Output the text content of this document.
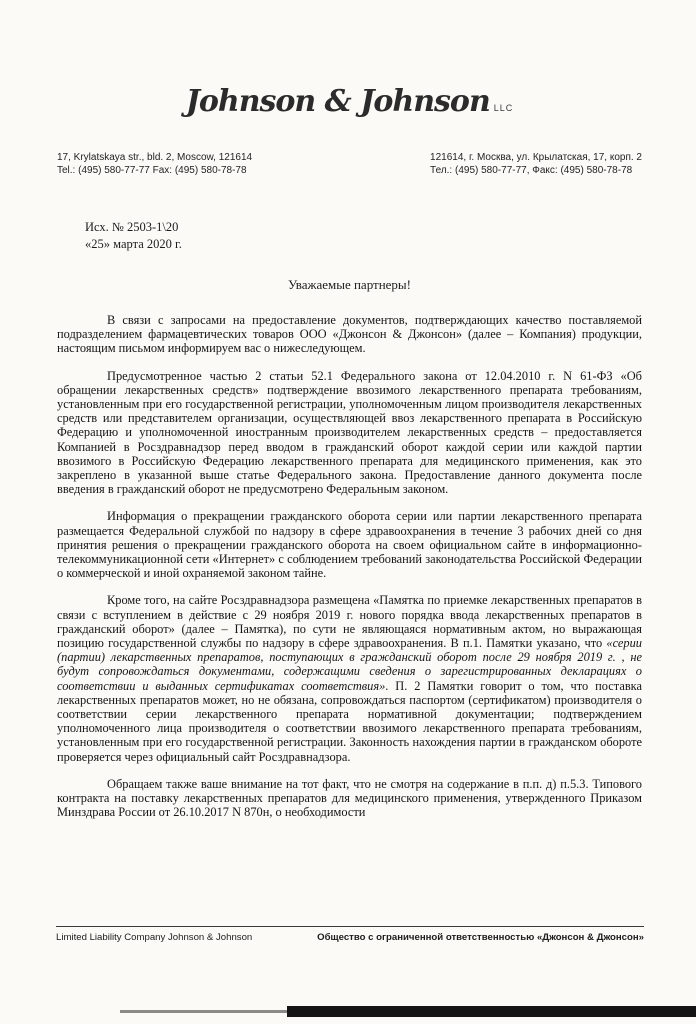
Johnson & Johnson LLC
17, Krylatskaya str., bld. 2, Moscow, 121614
Tel.: (495) 580-77-77 Fax: (495) 580-78-78
121614, г. Москва, ул. Крылатская, 17, корп. 2
Тел.: (495) 580-77-77, Факс: (495) 580-78-78
Исх. № 2503-1\20
«25» марта 2020 г.
Уважаемые партнеры!

В связи с запросами на предоставление документов, подтверждающих качество поставляемой подразделением фармацевтических товаров ООО «Джонсон & Джонсон» (далее – Компания) продукции, настоящим письмом информируем вас о нижеследующем.

Предусмотренное частью 2 статьи 52.1 Федерального закона от 12.04.2010 г. N 61-ФЗ «Об обращении лекарственных средств» подтверждение ввозимого лекарственного препарата требованиям, установленным при его государственной регистрации, уполномоченным лицом производителя лекарственных средств или представителем организации, осуществляющей ввоз лекарственного препарата в Российскую Федерацию и уполномоченной иностранным производителем лекарственных средств – предоставляется Компанией в Росздравнадзор перед вводом в гражданский оборот каждой серии или каждой партии ввозимого в Российскую Федерацию лекарственного препарата для медицинского применения, как это закреплено в указанной выше статье Федерального закона. Предоставление данного документа после введения в гражданский оборот не предусмотрено Федеральным законом.

Информация о прекращении гражданского оборота серии или партии лекарственного препарата размещается Федеральной службой по надзору в сфере здравоохранения в течение 3 рабочих дней со дня принятия решения о прекращении гражданского оборота на своем официальном сайте в информационно-телекоммуникационной сети «Интернет» с соблюдением требований законодательства Российской Федерации о коммерческой и иной охраняемой законом тайне.

Кроме того, на сайте Росздравнадзора размещена «Памятка по приемке лекарственных препаратов в связи с вступлением в действие с 29 ноября 2019 г. нового порядка ввода лекарственных препаратов в гражданский оборот» (далее – Памятка), по сути не являющаяся нормативным актом, но выражающая позицию государственной службы по надзору в сфере здравоохранения. В п.1. Памятки указано, что «серии (партии) лекарственных препаратов, поступающих в гражданский оборот после 29 ноября 2019 г. , не будут сопровождаться документами, содержащими сведения о зарегистрированных декларациях о соответствии и выданных сертификатах соответствия». П. 2 Памятки говорит о том, что поставка лекарственных препаратов может, но не обязана, сопровождаться паспортом (сертификатом) производителя о соответствии серии лекарственного препарата нормативной документации; подтверждением уполномоченного лица производителя о соответствии ввозимого лекарственного препарата требованиям, установленным при его государственной регистрации. Законность нахождения партии в гражданском обороте проверяется через официальный сайт Росздравнадзора.

Обращаем также ваше внимание на тот факт, что не смотря на содержание в п.п. д) п.5.3. Типового контракта на поставку лекарственных препаратов для медицинского применения, утвержденного Приказом Минздрава России от 26.10.2017 N 870н, о необходимости

Limited Liability Company Johnson & Johnson	Общество с ограниченной ответственностью «Джонсон & Джонсон»
